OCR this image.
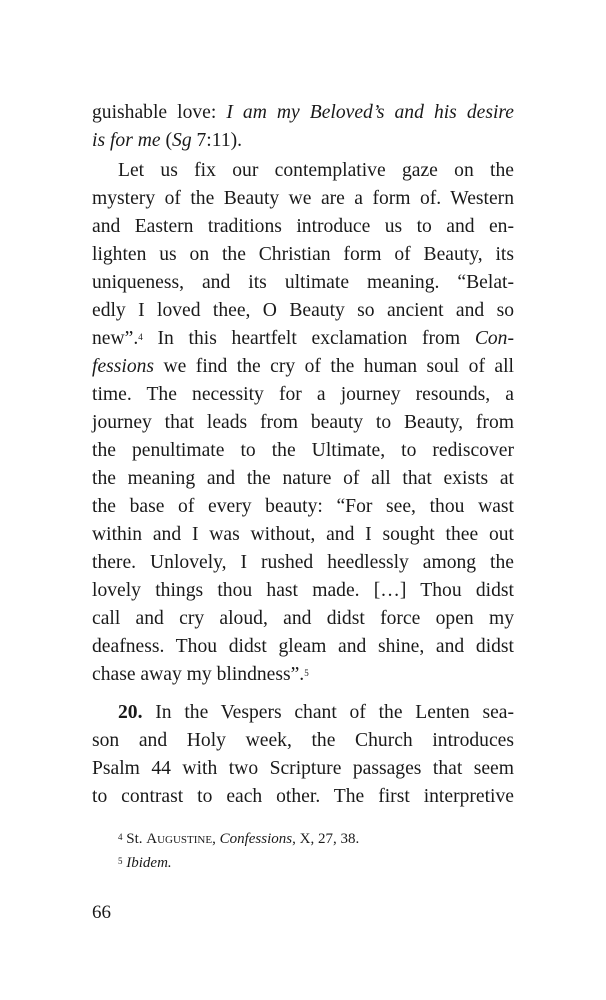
guishable love: I am my Beloved’s and his desire
is for me (Sg 7:11).
Let us fix our contemplative gaze on the
mystery of the Beauty we are a form of. Western
and Eastern traditions introduce us to and en-
lighten us on the Christian form of Beauty, its
uniqueness, and its ultimate meaning. “Belat-
edly I loved thee, O Beauty so ancient and so
new”.$^4$ In this heartfelt exclamation from Con-
fessions we find the cry of the human soul of all
time. The necessity for a journey resounds, a
journey that leads from beauty to Beauty, from
the penultimate to the Ultimate, to rediscover
the meaning and the nature of all that exists at
the base of every beauty: “For see, thou wast
within and I was without, and I sought thee out
there. Unlovely, I rushed heedlessly among the
lovely things thou hast made. […] Thou didst
call and cry aloud, and didst force open my
deafness. Thou didst gleam and shine, and didst
chase away my blindness”.$^5$
20. In the Vespers chant of the Lenten sea-
son and Holy week, the Church introduces
Psalm 44 with two Scripture passages that seem
to contrast to each other. The first interpretive
$^4$ St. Augustine, Confessions, X, 27, 38.
$^5$ Ibidem.
66
